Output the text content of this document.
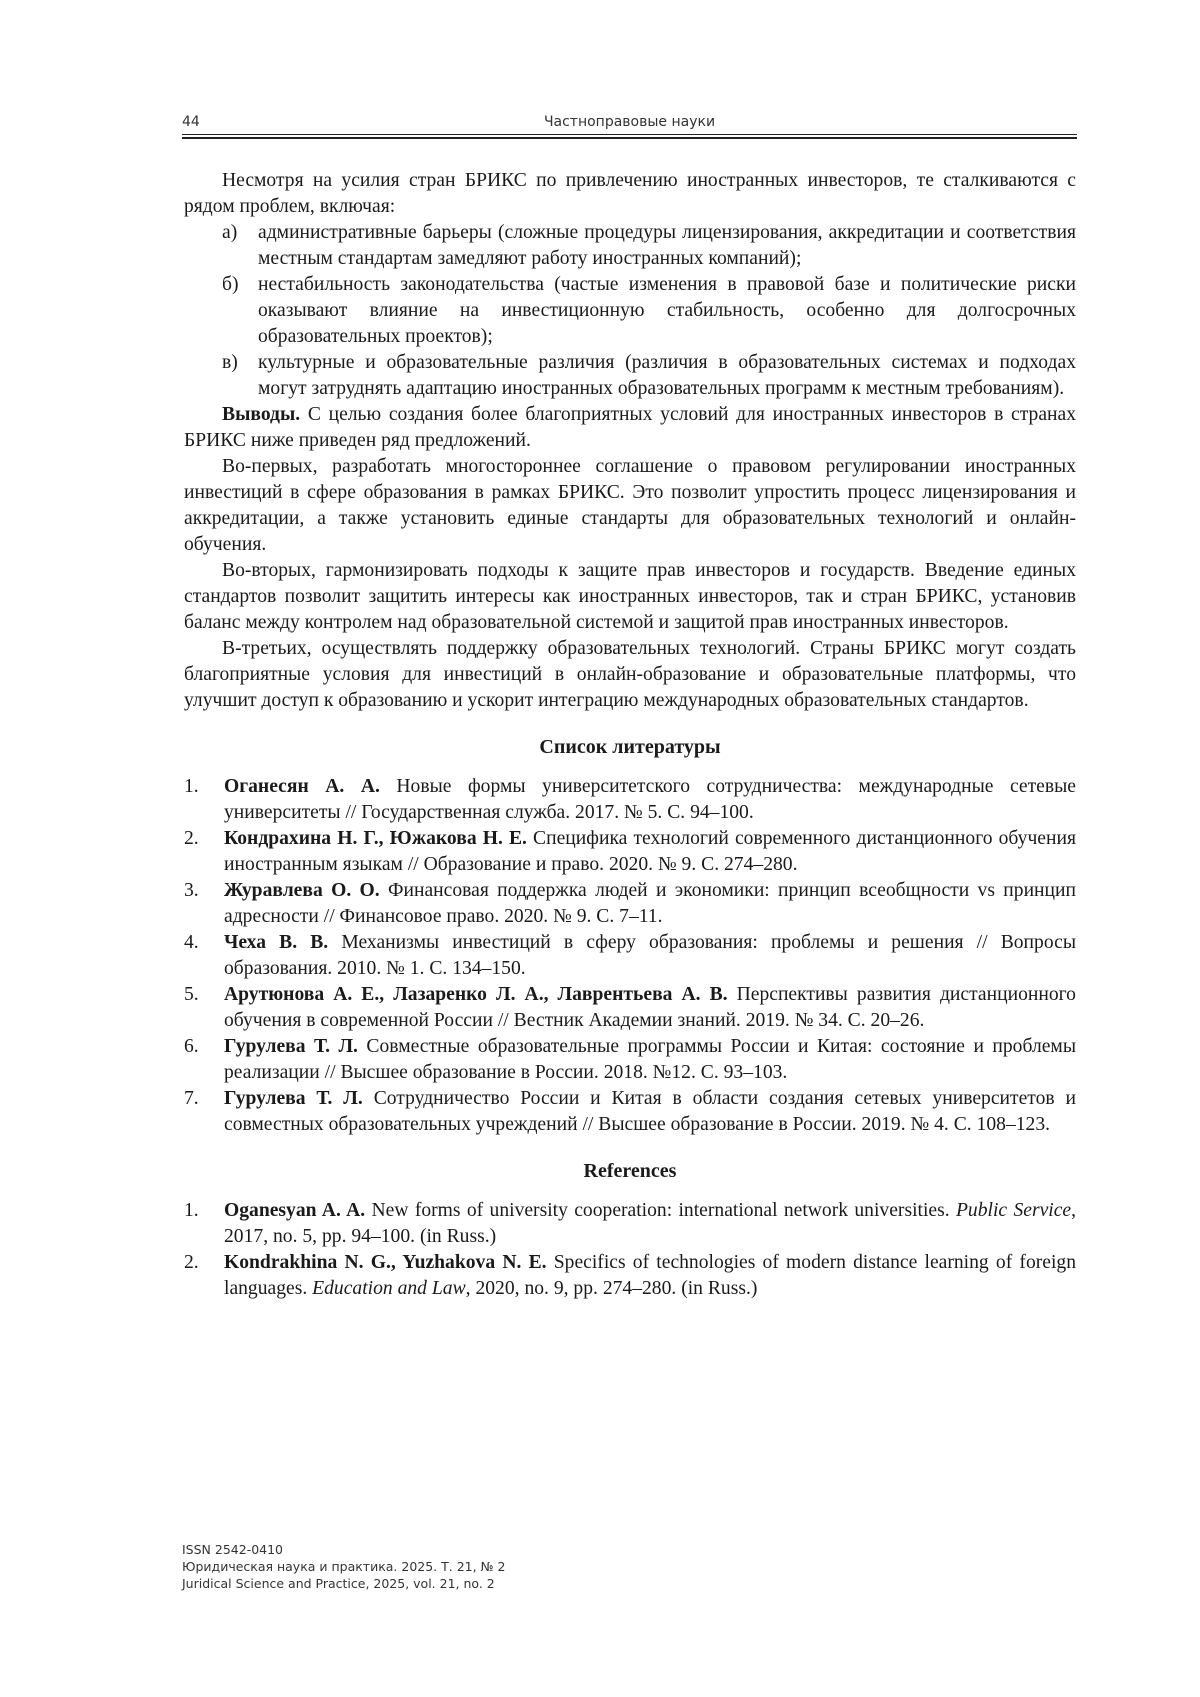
44	Частноправовые науки

Несмотря на усилия стран БРИКС по привлечению иностранных инвесторов, те сталкиваются с рядом проблем, включая:

а)	административные барьеры (сложные процедуры лицензирования, аккредитации и соответствия местным стандартам замедляют работу иностранных компаний);
б) нестабильность законодательства (частые изменения в правовой базе и политические риски оказывают влияние на инвестиционную стабильность, особенно для долгосрочных образовательных проектов);
в)	культурные и образовательные различия (различия в образовательных системах и подходах могут затруднять адаптацию иностранных образовательных программ к местным требованиям).

Выводы. С целью создания более благоприятных условий для иностранных инвесторов в странах БРИКС ниже приведен ряд предложений.

Во-первых, разработать многостороннее соглашение о правовом регулировании иностранных инвестиций в сфере образования в рамках БРИКС. Это позволит упростить процесс лицензирования и аккредитации, а также установить единые стандарты для образовательных технологий и онлайн-обучения.

Во-вторых, гармонизировать подходы к защите прав инвесторов и государств. Введение единых стандартов позволит защитить интересы как иностранных инвесторов, так и стран БРИКС, установив баланс между контролем над образовательной системой и защитой прав иностранных инвесторов.

В-третьих, осуществлять поддержку образовательных технологий. Страны БРИКС могут создать благоприятные условия для инвестиций в онлайн-образование и образовательные платформы, что улучшит доступ к образованию и ускорит интеграцию международных образовательных стандартов.

Список литературы
1.	Оганесян А. А. Новые формы университетского сотрудничества: международные сетевые университеты // Государственная служба. 2017. № 5. С. 94–100.
2.	Кондрахина Н. Г., Южакова Н. Е. Специфика технологий современного дистанционного обучения иностранным языкам // Образование и право. 2020. № 9. С. 274–280.
3.	Журавлева О. О. Финансовая поддержка людей и экономики: принцип всеобщности vs принцип адресности // Финансовое право. 2020. № 9. С. 7–11.
4.	Чеха В. В. Механизмы инвестиций в сферу образования: проблемы и решения // Вопросы образования. 2010. № 1. С. 134–150.
5.	Арутюнова А. Е., Лазаренко Л. А., Лаврентьева А. В. Перспективы развития дистанционного обучения в современной России // Вестник Академии знаний. 2019. № 34. С. 20–26.
6.	Гурулева Т. Л. Совместные образовательные программы России и Китая: состояние и проблемы реализации // Высшее образование в России. 2018. №12. С. 93–103.
7.	Гурулева Т. Л. Сотрудничество России и Китая в области создания сетевых университетов и совместных образовательных учреждений // Высшее образование в России. 2019. № 4. С. 108–123.
References
1.	Oganesyan A. A. New forms of university cooperation: international network universities. Public Service, 2017, no. 5, pp. 94–100. (in Russ.)
2.	Kondrakhina N. G., Yuzhakova N. E. Specifics of technologies of modern distance learning of foreign languages. Education and Law, 2020, no. 9, pp. 274–280. (in Russ.)
ISSN 2542-0410
Юридическая наука и практика. 2025. Т. 21, № 2
Juridical Science and Practice, 2025, vol. 21, no. 2
